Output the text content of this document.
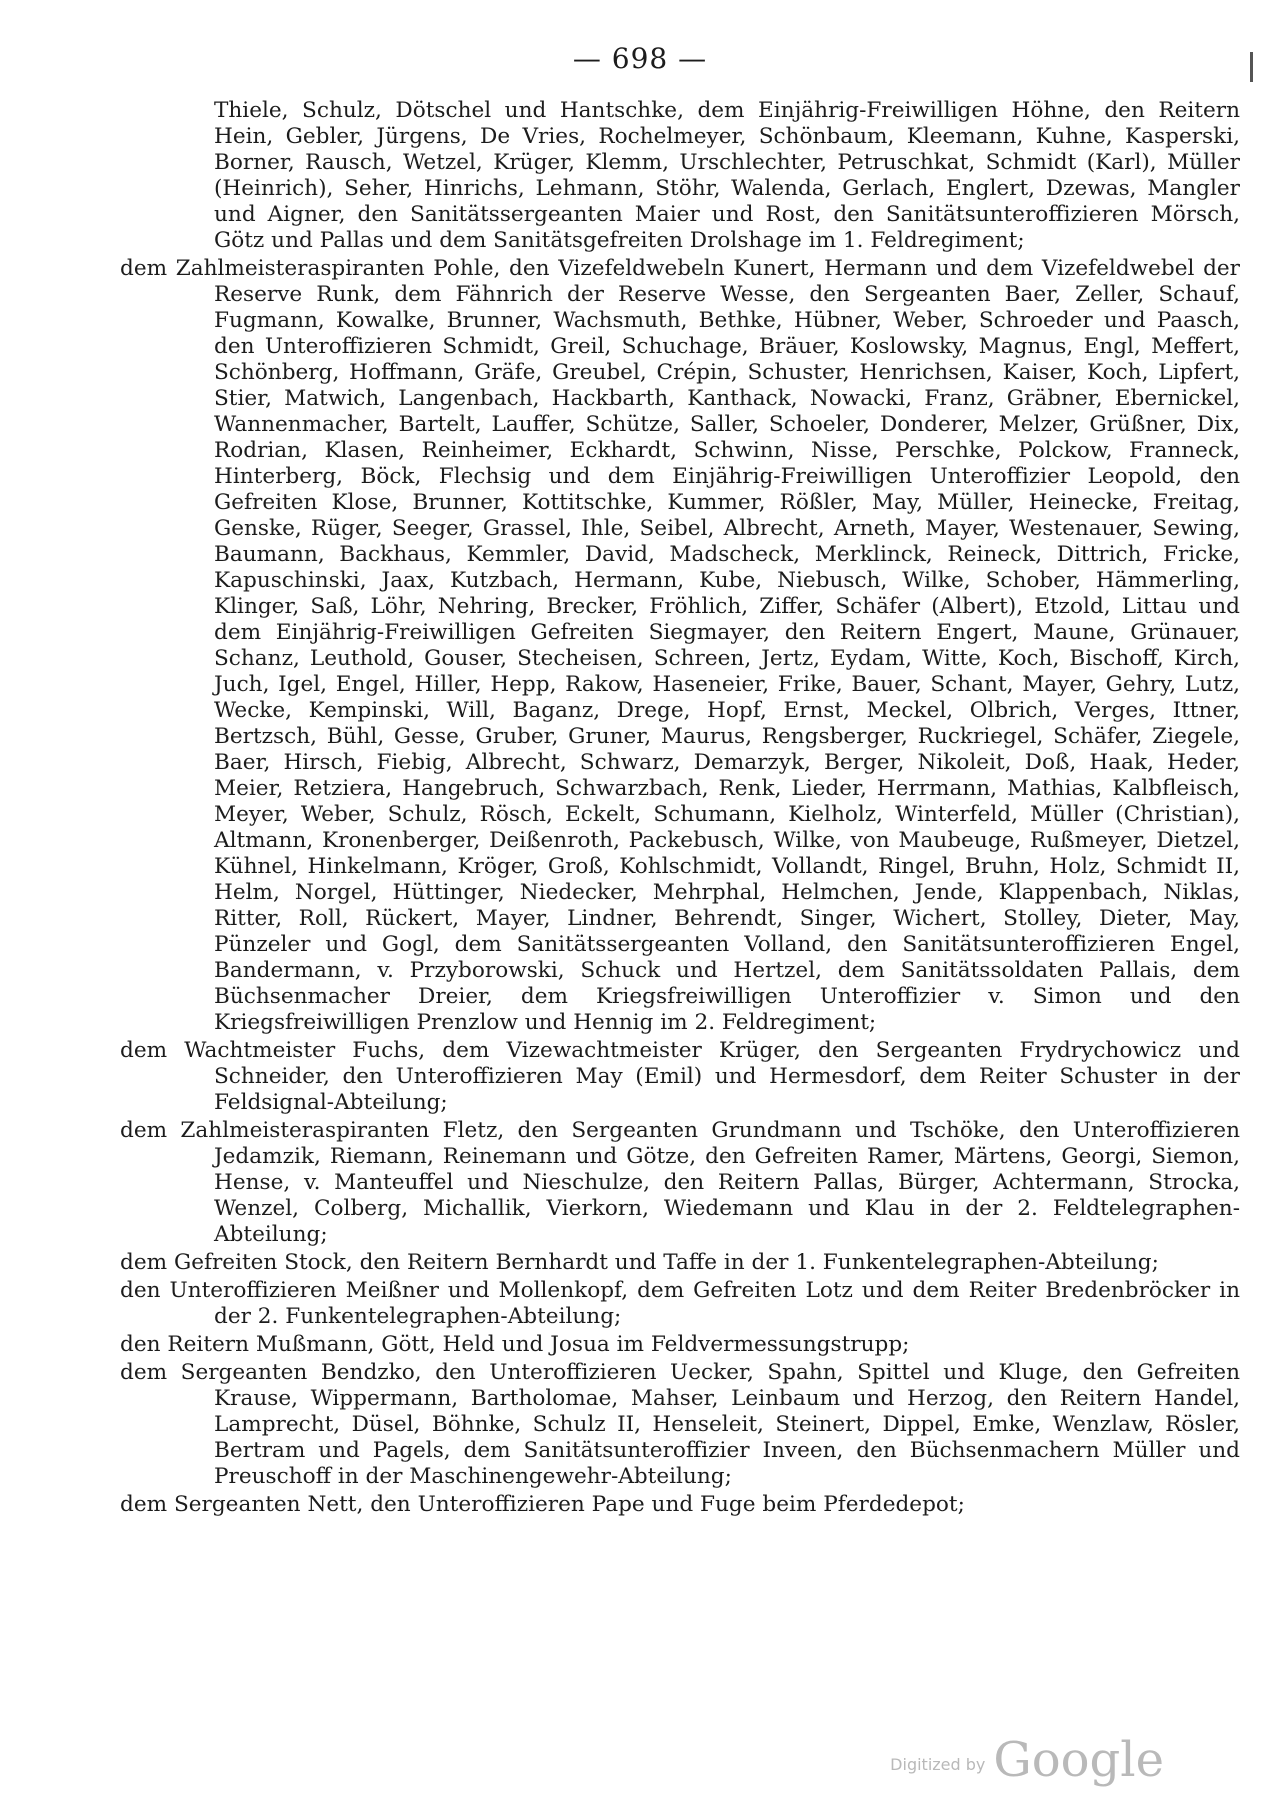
— 698 —

Thiele, Schulz, Dötschel und Hantschke, dem Einjährig-Freiwilligen Höhne, den Reitern Hein, Gebler, Jürgens, De Vries, Rochelmeyer, Schönbaum, Kleemann, Kuhne, Kasperski, Borner, Rausch, Wetzel, Krüger, Klemm, Urschlechter, Petruschkat, Schmidt (Karl), Müller (Heinrich), Seher, Hinrichs, Lehmann, Stöhr, Walenda, Gerlach, Englert, Dzewas, Mangler und Aigner, den Sanitätssergeanten Maier und Rost, den Sanitätsunteroffizieren Mörsch, Götz und Pallas und dem Sanitätsgefreiten Drolshage im 1. Feldregiment;

dem Zahlmeisteraspiranten Pohle, den Vizefeldwebeln Kunert, Hermann und dem Vizefeldwebel der Reserve Runk, dem Fähnrich der Reserve Wesse, den Sergeanten Baer, Zeller, Schauf, Fugmann, Kowalke, Brunner, Wachsmuth, Bethke, Hübner, Weber, Schroeder und Paasch, den Unteroffizieren Schmidt, Greil, Schuchage, Bräuer, Koslowsky, Magnus, Engl, Meffert, Schönberg, Hoffmann, Gräfe, Greubel, Crépin, Schuster, Henrichsen, Kaiser, Koch, Lipfert, Stier, Matwich, Langenbach, Hackbarth, Kanthack, Nowacki, Franz, Gräbner, Ebernickel, Wannenmacher, Bartelt, Lauffer, Schütze, Saller, Schoeler, Donderer, Melzer, Grüßner, Dix, Rodrian, Klasen, Reinheimer, Eckhardt, Schwinn, Nisse, Perschke, Polckow, Franneck, Hinterberg, Böck, Flechsig und dem Einjährig-Freiwilligen Unteroffizier Leopold, den Gefreiten Klose, Brunner, Kottitschke, Kummer, Rößler, May, Müller, Heinecke, Freitag, Genske, Rüger, Seeger, Grassel, Ihle, Seibel, Albrecht, Arneth, Mayer, Westenauer, Sewing, Baumann, Backhaus, Kemmler, David, Madscheck, Merklinck, Reineck, Dittrich, Fricke, Kapuschinski, Jaax, Kutzbach, Hermann, Kube, Niebusch, Wilke, Schober, Hämmerling, Klinger, Saß, Löhr, Nehring, Brecker, Fröhlich, Ziffer, Schäfer (Albert), Etzold, Littau und dem Einjährig-Freiwilligen Gefreiten Siegmayer, den Reitern Engert, Maune, Grünauer, Schanz, Leuthold, Gouser, Stecheisen, Schreen, Jertz, Eydam, Witte, Koch, Bischoff, Kirch, Juch, Igel, Engel, Hiller, Hepp, Rakow, Haseneier, Frike, Bauer, Schant, Mayer, Gehry, Lutz, Wecke, Kempinski, Will, Baganz, Drege, Hopf, Ernst, Meckel, Olbrich, Verges, Ittner, Bertzsch, Bühl, Gesse, Gruber, Gruner, Maurus, Rengsberger, Ruckriegel, Schäfer, Ziegele, Baer, Hirsch, Fiebig, Albrecht, Schwarz, Demarzyk, Berger, Nikoleit, Doß, Haak, Heder, Meier, Retziera, Hangebruch, Schwarzbach, Renk, Lieder, Herrmann, Mathias, Kalbfleisch, Meyer, Weber, Schulz, Rösch, Eckelt, Schumann, Kielholz, Winterfeld, Müller (Christian), Altmann, Kronenberger, Deißenroth, Packebusch, Wilke, von Maubeuge, Rußmeyer, Dietzel, Kühnel, Hinkelmann, Kröger, Groß, Kohlschmidt, Vollandt, Ringel, Bruhn, Holz, Schmidt II, Helm, Norgel, Hüttinger, Niedecker, Mehrphal, Helmchen, Jende, Klappenbach, Niklas, Ritter, Roll, Rückert, Mayer, Lindner, Behrendt, Singer, Wichert, Stolley, Dieter, May, Pünzeler und Gogl, dem Sanitätssergeanten Volland, den Sanitätsunteroffizieren Engel, Bandermann, v. Przyborowski, Schuck und Hertzel, dem Sanitätssoldaten Pallais, dem Büchsenmacher Dreier, dem Kriegsfreiwilligen Unteroffizier v. Simon und den Kriegsfreiwilligen Prenzlow und Hennig im 2. Feldregiment;

dem Wachtmeister Fuchs, dem Vizewachtmeister Krüger, den Sergeanten Frydrychowicz und Schneider, den Unteroffizieren May (Emil) und Hermesdorf, dem Reiter Schuster in der Feldsignal-Abteilung;

dem Zahlmeisteraspiranten Fletz, den Sergeanten Grundmann und Tschöke, den Unteroffizieren Jedamzik, Riemann, Reinemann und Götze, den Gefreiten Ramer, Märtens, Georgi, Siemon, Hense, v. Manteuffel und Nieschulze, den Reitern Pallas, Bürger, Achtermann, Strocka, Wenzel, Colberg, Michallik, Vierkorn, Wiedemann und Klau in der 2. Feldtelegraphen-Abteilung;

dem Gefreiten Stock, den Reitern Bernhardt und Taffe in der 1. Funkentelegraphen-Abteilung;

den Unteroffizieren Meißner und Mollenkopf, dem Gefreiten Lotz und dem Reiter Bredenbröcker in der 2. Funkentelegraphen-Abteilung;

den Reitern Mußmann, Gött, Held und Josua im Feldvermessungstrupp;

dem Sergeanten Bendzko, den Unteroffizieren Uecker, Spahn, Spittel und Kluge, den Gefreiten Krause, Wippermann, Bartholomae, Mahser, Leinbaum und Herzog, den Reitern Handel, Lamprecht, Düsel, Böhnke, Schulz II, Henseleit, Steinert, Dippel, Emke, Wenzlaw, Rösler, Bertram und Pagels, dem Sanitätsunteroffizier Inveen, den Büchsenmachern Müller und Preuschoff in der Maschinengewehr-Abteilung;

dem Sergeanten Nett, den Unteroffizieren Pape und Fuge beim Pferdedepot;

Digitized by Google
